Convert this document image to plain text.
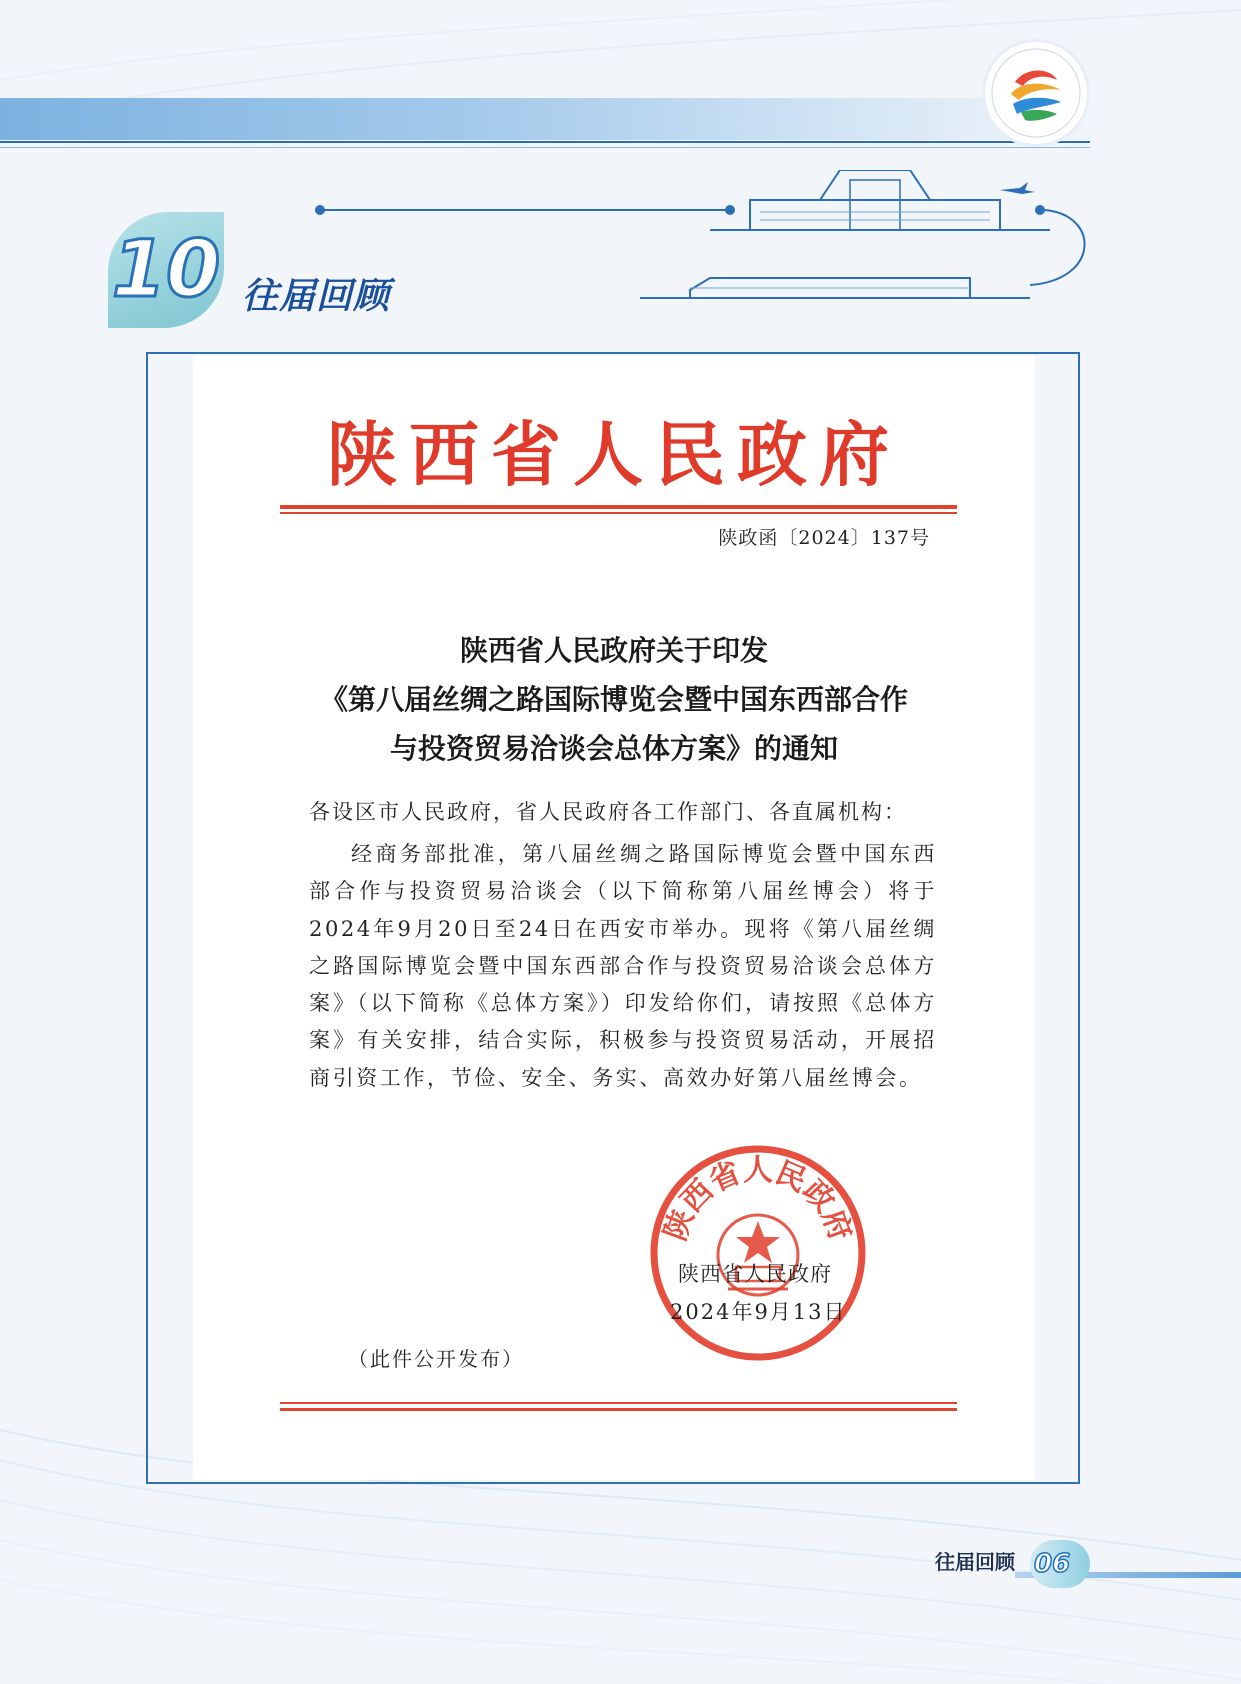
10 往届回顾
陕西省人民政府
陕政函〔2024〕137号
陕西省人民政府关于印发
《第八届丝绸之路国际博览会暨中国东西部合作
与投资贸易洽谈会总体方案》的通知
各设区市人民政府，省人民政府各工作部门、各直属机构：
经商务部批准，第八届丝绸之路国际博览会暨中国东西部合作与投资贸易洽谈会（以下简称第八届丝博会）将于2024年9月20日至24日在西安市举办。现将《第八届丝绸之路国际博览会暨中国东西部合作与投资贸易洽谈会总体方案》（以下简称《总体方案》）印发给你们，请按照《总体方案》有关安排，结合实际，积极参与投资贸易活动，开展招商引资工作，节俭、安全、务实、高效办好第八届丝博会。
陕西省人民政府
陕西省人民政府
2024年9月13日
（此件公开发布）
往届回顾 06
